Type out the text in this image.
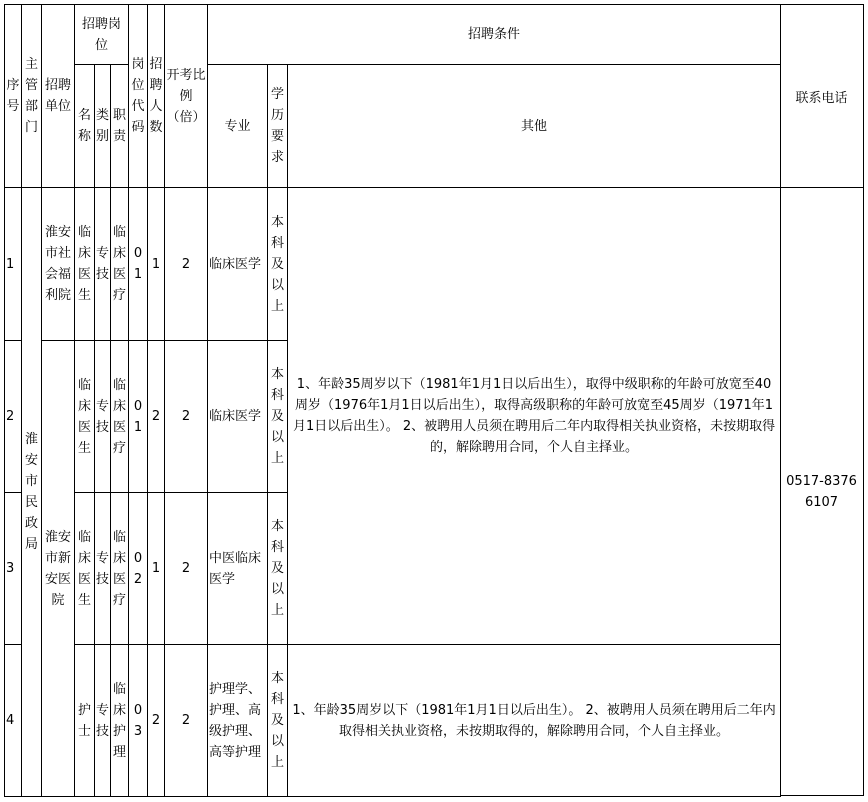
序号	主管部门	招聘单位	招聘岗位			岗位代码	招聘人数	开考比例（倍）	招聘条件		
									专业	学历要求	其他
			名称	类别	职责						
1	淮安市民政局	淮安市社会福利院	临床医生	专技	临床医疗	01	1	2	临床医学	本科及以上	1、年龄35周岁以下（1981年1月1日以后出生），取得中级职称的年龄可放宽至40周岁（1976年1月1日以后出生），取得高级职称的年龄可放宽至45周岁（1971年1月1日以后出生）。 2、被聘用人员须在聘用后二年内取得相关执业资格，未按期取得的，解除聘用合同，个人自主择业。
2		淮安市新安医院	临床医生	专技	临床医疗	01	2	2	临床医学	本科及以上	
3			临床医生	专技	临床医疗	02	1	2	中医临床医学	本科及以上	
4			护士	专技	临床护理	03	2	2	护理学、护理、高级护理、高等护理	本科及以上	1、年龄35周岁以下（1981年1月1日以后出生）。 2、被聘用人员须在聘用后二年内取得相关执业资格，未按期取得的，解除聘用合同，个人自主择业。
联系电话
0517-83766107
